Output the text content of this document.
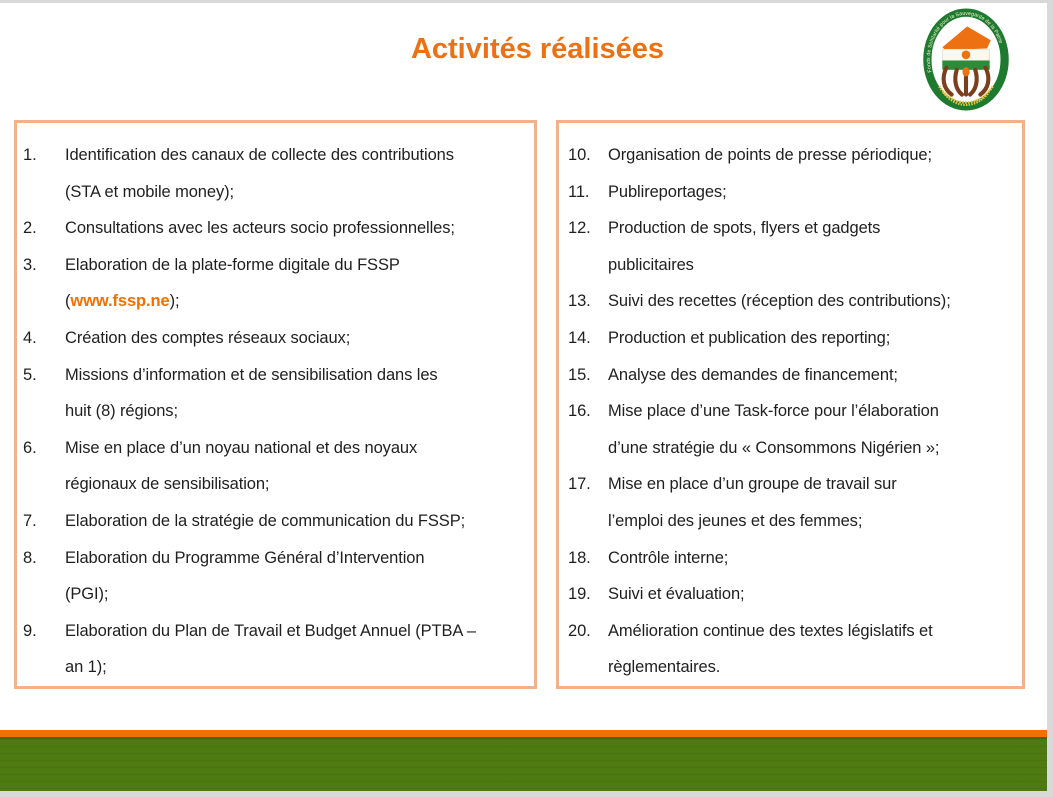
Activités réalisées
Fonds de Solidarité pour la Sauvegarde de la Patrie
1.	Identification des canaux de collecte des contributions
(STA et mobile money);
2.	Consultations avec les acteurs socio professionnelles;
3.	Elaboration de la plate-forme digitale du FSSP
(www.fssp.ne);
4.	Création des comptes réseaux sociaux;
5.	Missions d’information et de sensibilisation dans les
huit (8) régions;
6.	Mise en place d’un noyau national et des noyaux
régionaux de sensibilisation;
7.	Elaboration de la stratégie de communication du FSSP;
8.	Elaboration du Programme Général d’Intervention
(PGI);
9.	Elaboration du Plan de Travail et Budget Annuel (PTBA –
an 1);
10.	Organisation de points de presse périodique;
11.	Publireportages;
12.	Production de spots, flyers et gadgets
publicitaires
13.	Suivi des recettes (réception des contributions);
14.	Production et publication des reporting;
15.	Analyse des demandes de financement;
16.	Mise place d’une Task-force pour l’élaboration
d’une stratégie du « Consommons Nigérien »;
17.	Mise en place d’un groupe de travail sur
l’emploi des jeunes et des femmes;
18.	Contrôle interne;
19.	Suivi et évaluation;
20.	Amélioration continue des textes législatifs et
règlementaires.
